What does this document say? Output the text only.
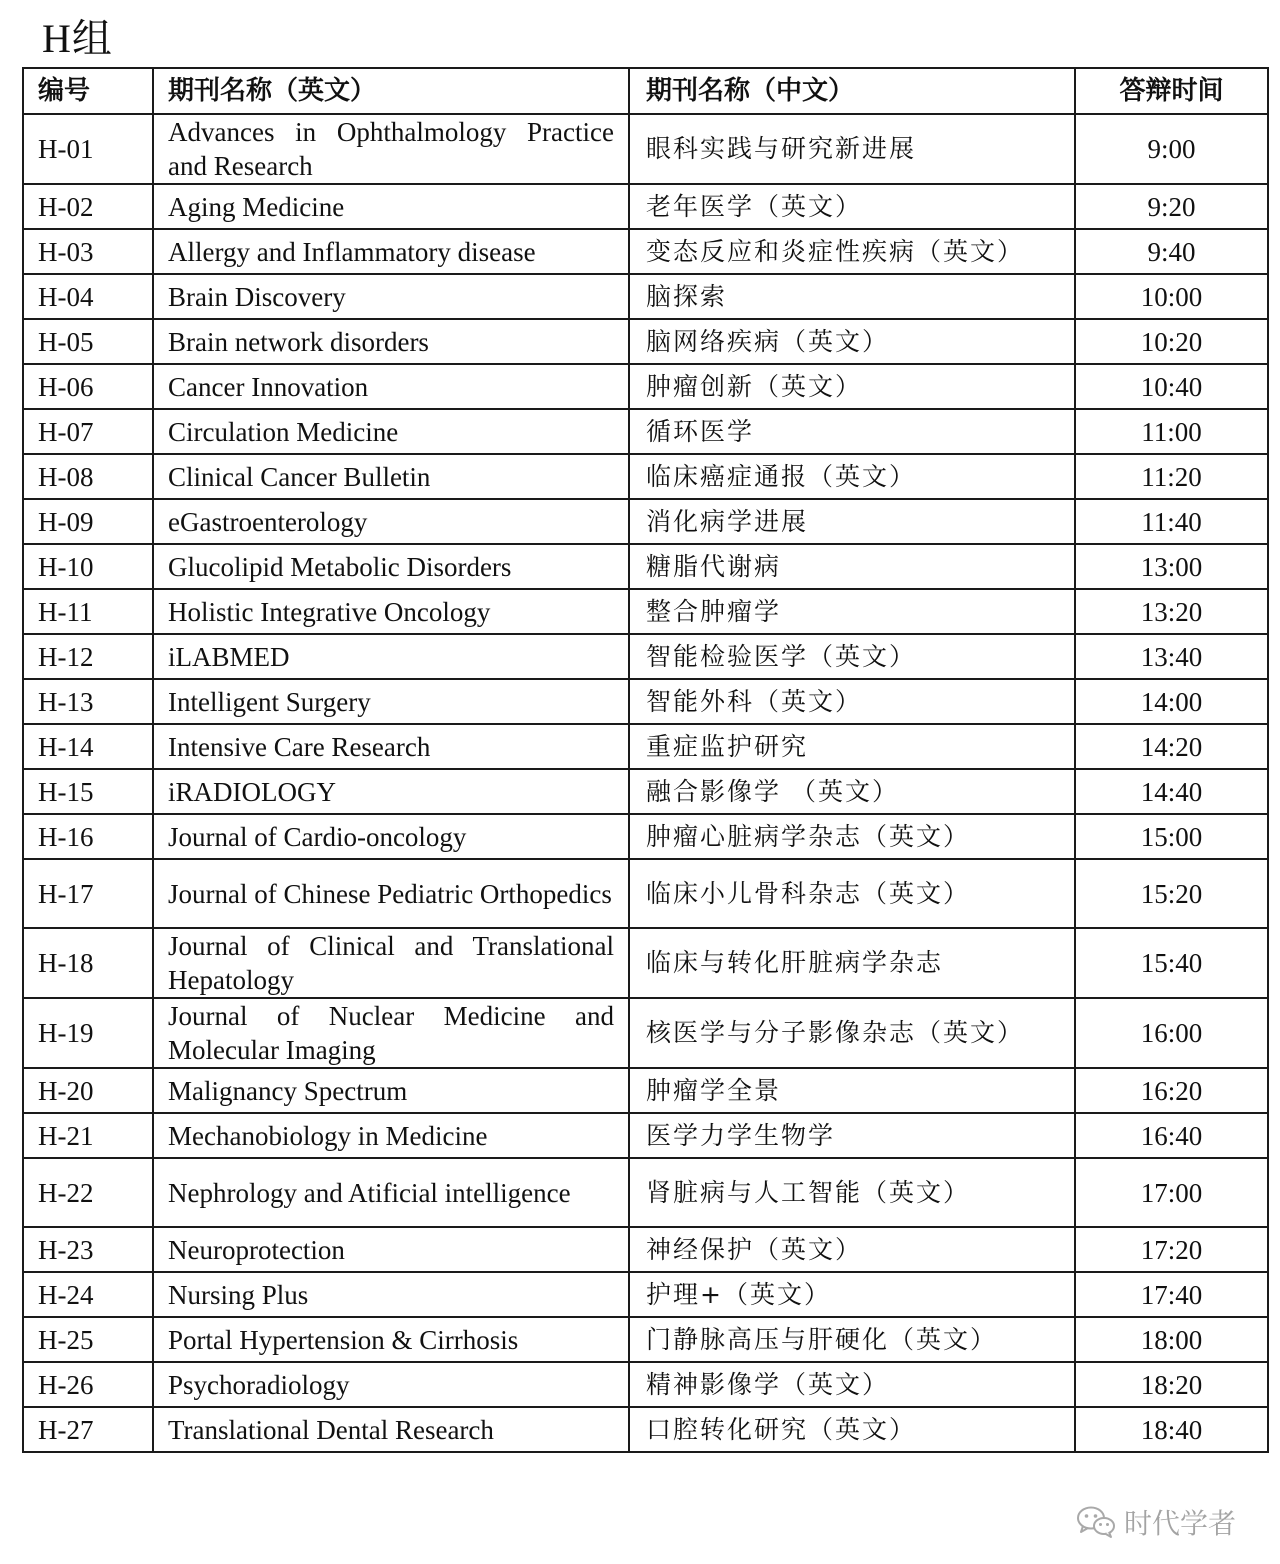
H组
编号	期刊名称（英文）	期刊名称（中文）	答辩时间
H-01	Advances in Ophthalmology Practice and Research	眼科实践与研究新进展	9:00
H-02	Aging Medicine	老年医学（英文）	9:20
H-03	Allergy and Inflammatory disease	变态反应和炎症性疾病（英文）	9:40
H-04	Brain Discovery	脑探索	10:00
H-05	Brain network disorders	脑网络疾病（英文）	10:20
H-06	Cancer Innovation	肿瘤创新（英文）	10:40
H-07	Circulation Medicine	循环医学	11:00
H-08	Clinical Cancer Bulletin	临床癌症通报（英文）	11:20
H-09	eGastroenterology	消化病学进展	11:40
H-10	Glucolipid Metabolic Disorders	糖脂代谢病	13:00
H-11	Holistic Integrative Oncology	整合肿瘤学	13:20
H-12	iLABMED	智能检验医学（英文）	13:40
H-13	Intelligent Surgery	智能外科（英文）	14:00
H-14	Intensive Care Research	重症监护研究	14:20
H-15	iRADIOLOGY	融合影像学 （英文）	14:40
H-16	Journal of Cardio-oncology	肿瘤心脏病学杂志（英文）	15:00
H-17	Journal of Chinese Pediatric Orthopedics	临床小儿骨科杂志（英文）	15:20
H-18	Journal of Clinical and Translational Hepatology	临床与转化肝脏病学杂志	15:40
H-19	Journal of Nuclear Medicine and Molecular Imaging	核医学与分子影像杂志（英文）	16:00
H-20	Malignancy Spectrum	肿瘤学全景	16:20
H-21	Mechanobiology in Medicine	医学力学生物学	16:40
H-22	Nephrology and Atificial intelligence	肾脏病与人工智能（英文）	17:00
H-23	Neuroprotection	神经保护（英文）	17:20
H-24	Nursing Plus	护理+（英文）	17:40
H-25	Portal Hypertension & Cirrhosis	门静脉高压与肝硬化（英文）	18:00
H-26	Psychoradiology	精神影像学（英文）	18:20
H-27	Translational Dental Research	口腔转化研究（英文）	18:40
时代学者
